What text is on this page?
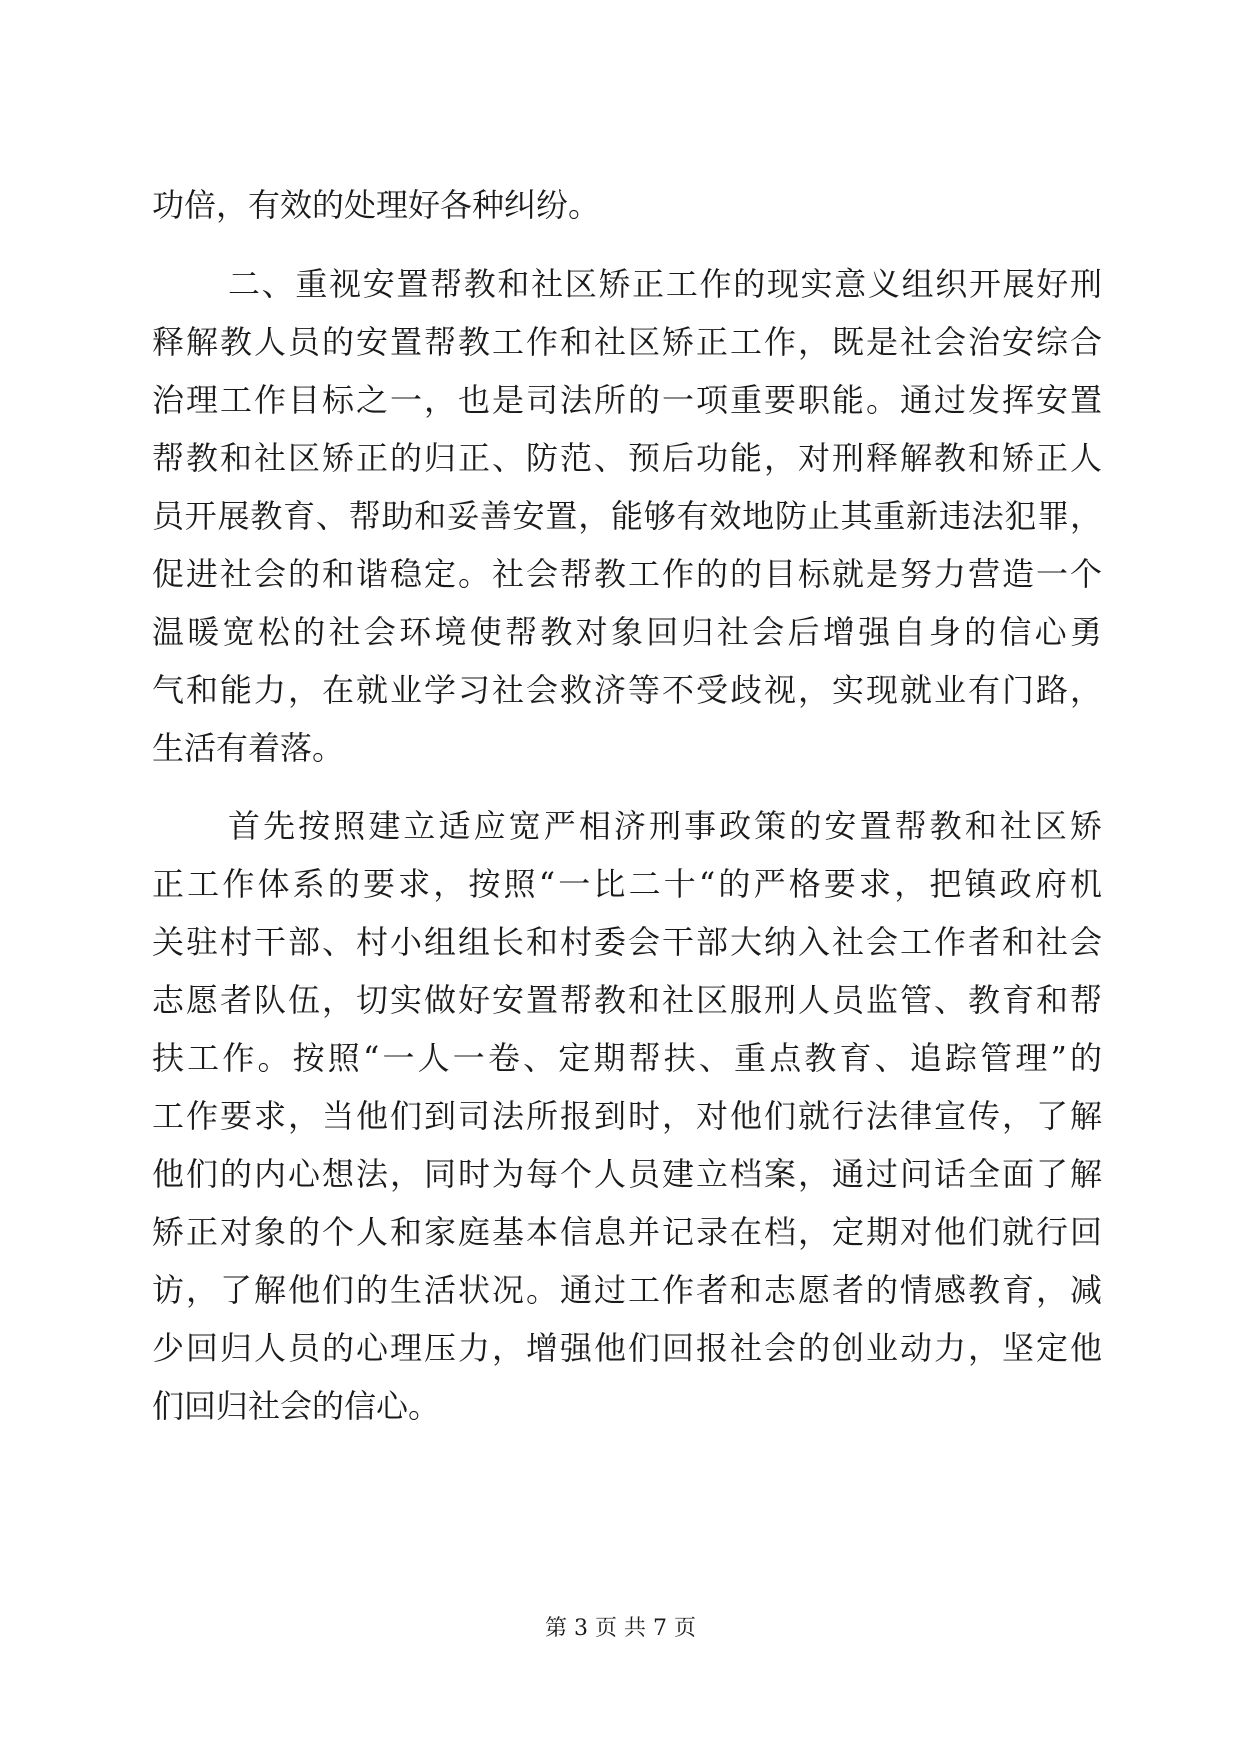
功倍，有效的处理好各种纠纷。
二、重视安置帮教和社区矫正工作的现实意义组织开展好刑
释解教人员的安置帮教工作和社区矫正工作，既是社会治安综合
治理工作目标之一，也是司法所的一项重要职能。通过发挥安置
帮教和社区矫正的归正、防范、预后功能，对刑释解教和矫正人
员开展教育、帮助和妥善安置，能够有效地防止其重新违法犯罪，
促进社会的和谐稳定。社会帮教工作的的目标就是努力营造一个
温暖宽松的社会环境使帮教对象回归社会后增强自身的信心勇
气和能力，在就业学习社会救济等不受歧视，实现就业有门路，
生活有着落。
首先按照建立适应宽严相济刑事政策的安置帮教和社区矫
正工作体系的要求，按照“一比二十“的严格要求，把镇政府机
关驻村干部、村小组组长和村委会干部大纳入社会工作者和社会
志愿者队伍，切实做好安置帮教和社区服刑人员监管、教育和帮
扶工作。按照“一人一卷、定期帮扶、重点教育、追踪管理”的
工作要求，当他们到司法所报到时，对他们就行法律宣传，了解
他们的内心想法，同时为每个人员建立档案，通过问话全面了解
矫正对象的个人和家庭基本信息并记录在档，定期对他们就行回
访，了解他们的生活状况。通过工作者和志愿者的情感教育，减
少回归人员的心理压力，增强他们回报社会的创业动力，坚定他
们回归社会的信心。
第 3 页 共 7 页
